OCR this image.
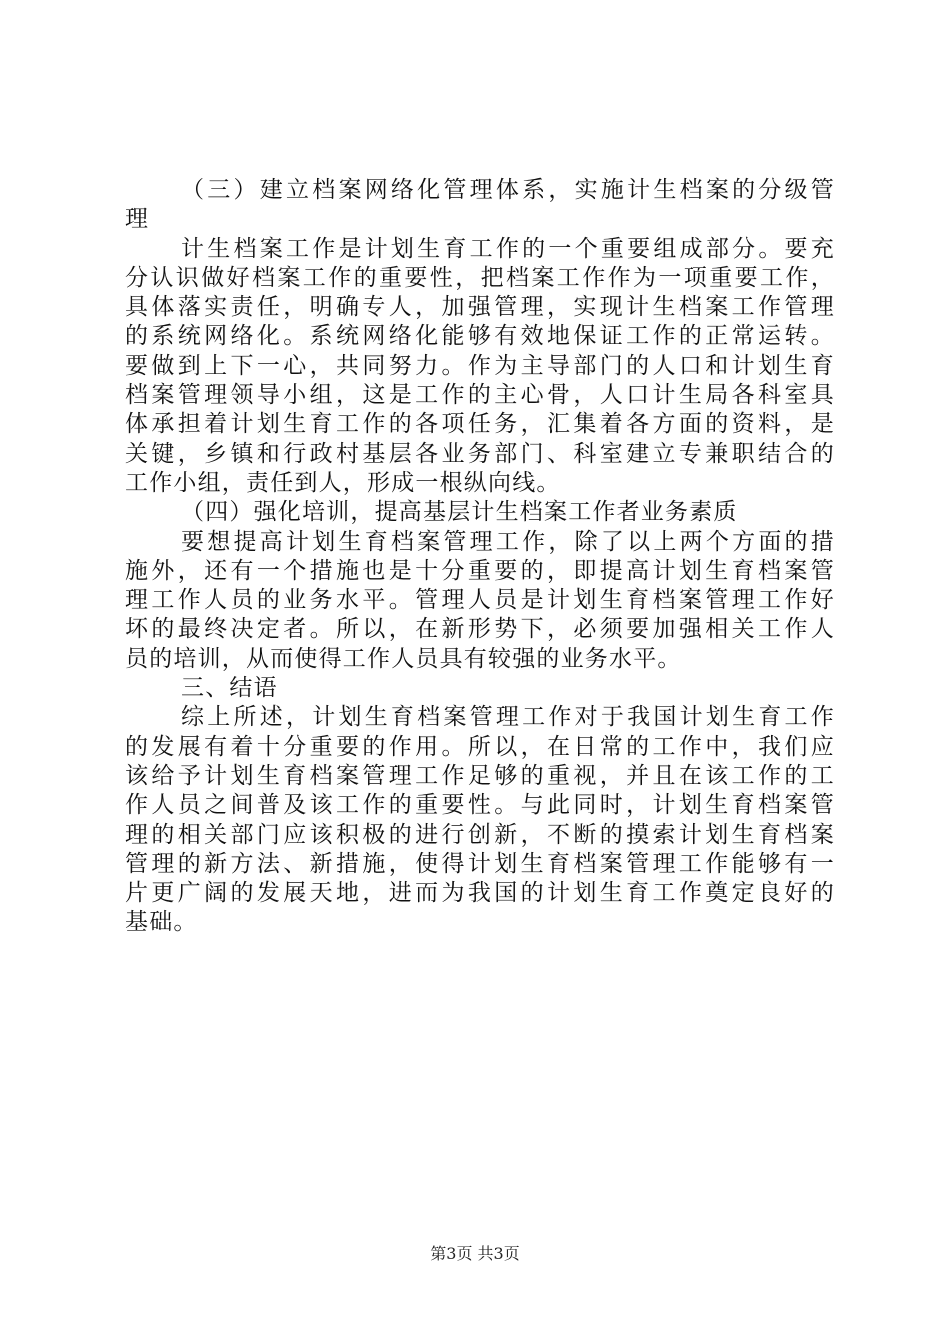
（三）建立档案网络化管理体系，实施计生档案的分级管
理
计生档案工作是计划生育工作的一个重要组成部分。要充
分认识做好档案工作的重要性，把档案工作作为一项重要工作，
具体落实责任，明确专人，加强管理，实现计生档案工作管理
的系统网络化。系统网络化能够有效地保证工作的正常运转。
要做到上下一心，共同努力。作为主导部门的人口和计划生育
档案管理领导小组，这是工作的主心骨，人口计生局各科室具
体承担着计划生育工作的各项任务，汇集着各方面的资料，是
关键，乡镇和行政村基层各业务部门、科室建立专兼职结合的
工作小组，责任到人，形成一根纵向线。
（四）强化培训，提高基层计生档案工作者业务素质
要想提高计划生育档案管理工作，除了以上两个方面的措
施外，还有一个措施也是十分重要的，即提高计划生育档案管
理工作人员的业务水平。管理人员是计划生育档案管理工作好
坏的最终决定者。所以，在新形势下，必须要加强相关工作人
员的培训，从而使得工作人员具有较强的业务水平。
三、结语
综上所述，计划生育档案管理工作对于我国计划生育工作
的发展有着十分重要的作用。所以，在日常的工作中，我们应
该给予计划生育档案管理工作足够的重视，并且在该工作的工
作人员之间普及该工作的重要性。与此同时，计划生育档案管
理的相关部门应该积极的进行创新，不断的摸索计划生育档案
管理的新方法、新措施，使得计划生育档案管理工作能够有一
片更广阔的发展天地，进而为我国的计划生育工作奠定良好的
基础。
第3页 共3页
